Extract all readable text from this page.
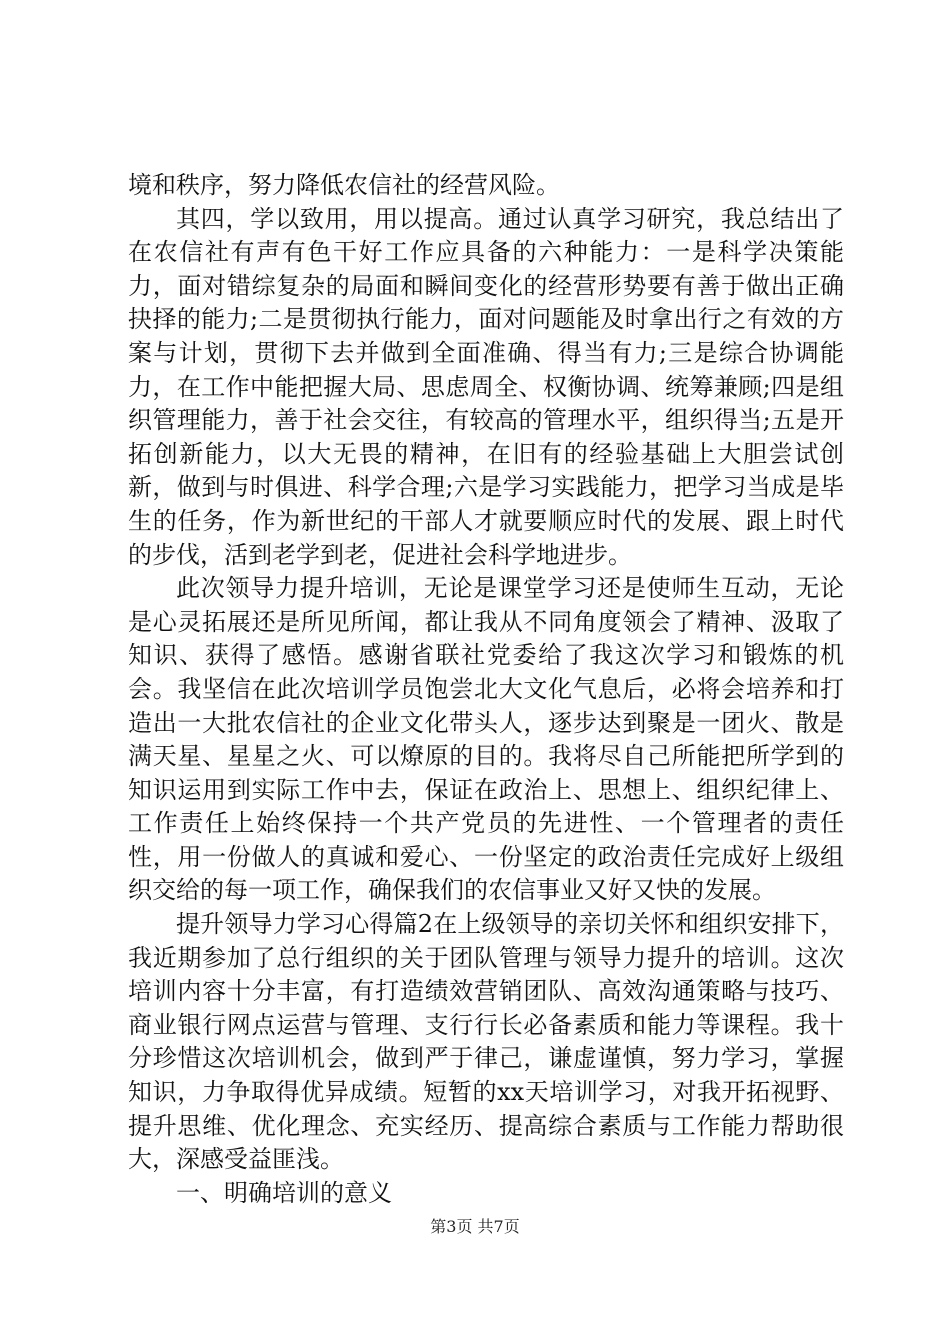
境和秩序，努力降低农信社的经营风险。

其四，学以致用，用以提高。通过认真学习研究，我总结出了在农信社有声有色干好工作应具备的六种能力：一是科学决策能力，面对错综复杂的局面和瞬间变化的经营形势要有善于做出正确抉择的能力;二是贯彻执行能力，面对问题能及时拿出行之有效的方案与计划，贯彻下去并做到全面准确、得当有力;三是综合协调能力，在工作中能把握大局、思虑周全、权衡协调、统筹兼顾;四是组织管理能力，善于社会交往，有较高的管理水平，组织得当;五是开拓创新能力，以大无畏的精神，在旧有的经验基础上大胆尝试创新，做到与时俱进、科学合理;六是学习实践能力，把学习当成是毕生的任务，作为新世纪的干部人才就要顺应时代的发展、跟上时代的步伐，活到老学到老，促进社会科学地进步。

此次领导力提升培训，无论是课堂学习还是使师生互动，无论是心灵拓展还是所见所闻，都让我从不同角度领会了精神、汲取了知识、获得了感悟。感谢省联社党委给了我这次学习和锻炼的机会。我坚信在此次培训学员饱尝北大文化气息后，必将会培养和打造出一大批农信社的企业文化带头人，逐步达到聚是一团火、散是满天星、星星之火、可以燎原的目的。我将尽自己所能把所学到的知识运用到实际工作中去，保证在政治上、思想上、组织纪律上、工作责任上始终保持一个共产党员的先进性、一个管理者的责任性，用一份做人的真诚和爱心、一份坚定的政治责任完成好上级组织交给的每一项工作，确保我们的农信事业又好又快的发展。

提升领导力学习心得篇2在上级领导的亲切关怀和组织安排下，我近期参加了总行组织的关于团队管理与领导力提升的培训。这次培训内容十分丰富，有打造绩效营销团队、高效沟通策略与技巧、商业银行网点运营与管理、支行行长必备素质和能力等课程。我十分珍惜这次培训机会，做到严于律己，谦虚谨慎，努力学习，掌握知识，力争取得优异成绩。短暂的xx天培训学习，对我开拓视野、提升思维、优化理念、充实经历、提高综合素质与工作能力帮助很大，深感受益匪浅。

一、明确培训的意义

第3页 共7页
